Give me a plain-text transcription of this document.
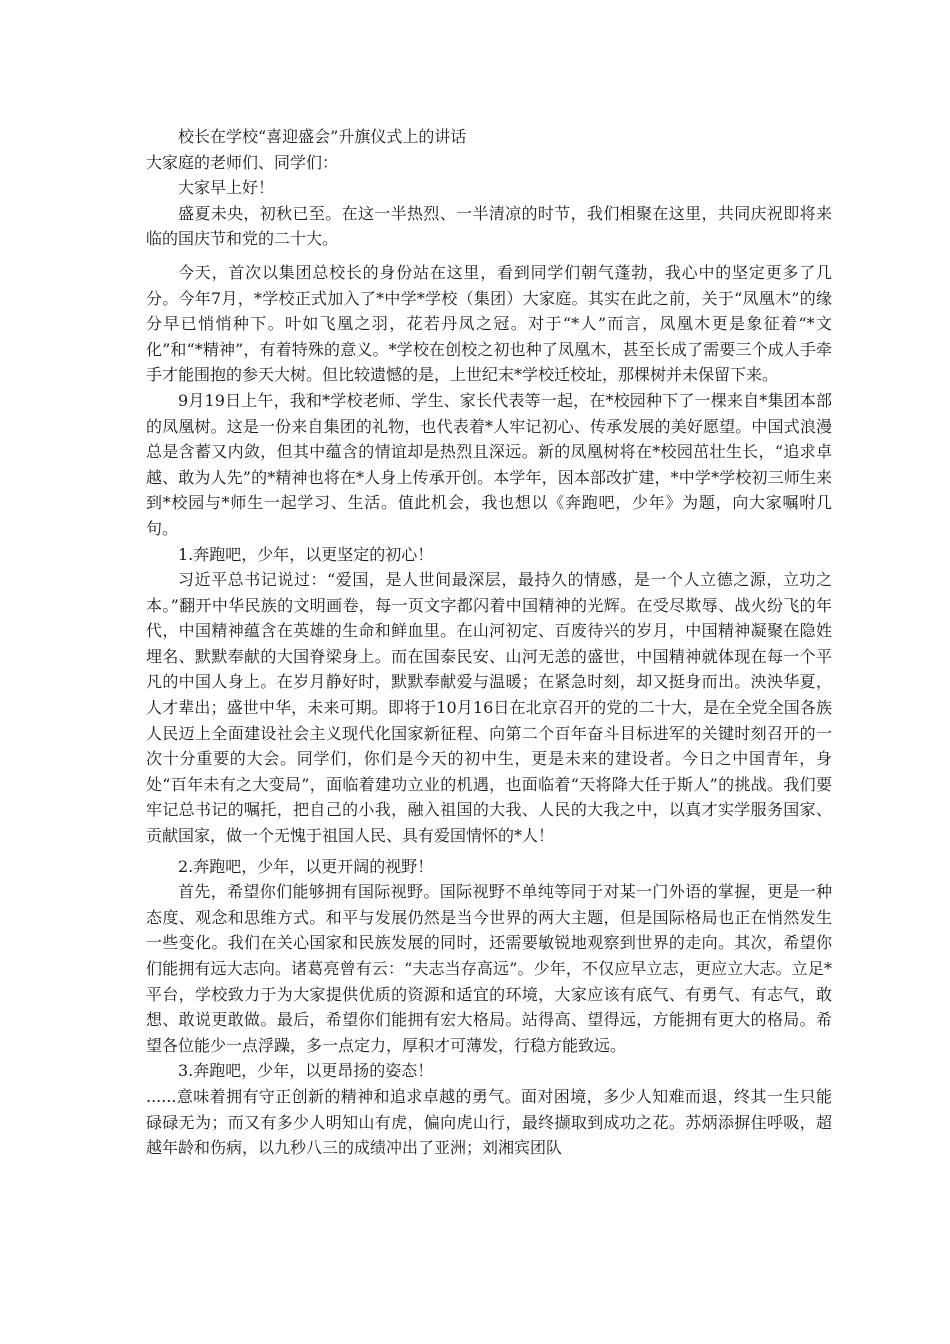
校长在学校“喜迎盛会”升旗仪式上的讲话

大家庭的老师们、同学们：

大家早上好！

盛夏未央，初秋已至。在这一半热烈、一半清凉的时节，我们相聚在这里，共同庆祝即将来临的国庆节和党的二十大。

今天，首次以集团总校长的身份站在这里，看到同学们朝气蓬勃，我心中的坚定更多了几分。今年7月，*学校正式加入了*中学*学校（集团）大家庭。其实在此之前，关于“凤凰木”的缘分早已悄悄种下。叶如飞凰之羽，花若丹凤之冠。对于“*人”而言，凤凰木更是象征着“*文化”和“*精神”，有着特殊的意义。*学校在创校之初也种了凤凰木，甚至长成了需要三个成人手牵手才能围抱的参天大树。但比较遗憾的是，上世纪末*学校迁校址，那棵树并未保留下来。

9月19日上午，我和*学校老师、学生、家长代表等一起，在*校园种下了一棵来自*集团本部的凤凰树。这是一份来自集团的礼物，也代表着*人牢记初心、传承发展的美好愿望。中国式浪漫总是含蓄又内敛，但其中蕴含的情谊却是热烈且深远。新的凤凰树将在*校园茁壮生长，“追求卓越、敢为人先”的*精神也将在*人身上传承开创。本学年，因本部改扩建，*中学*学校初三师生来到*校园与*师生一起学习、生活。值此机会，我也想以《奔跑吧，少年》为题，向大家嘱咐几句。

1.奔跑吧，少年，以更坚定的初心！

习近平总书记说过：“爱国，是人世间最深层，最持久的情感，是一个人立德之源，立功之本。”翻开中华民族的文明画卷，每一页文字都闪着中国精神的光辉。在受尽欺辱、战火纷飞的年代，中国精神蕴含在英雄的生命和鲜血里。在山河初定、百废待兴的岁月，中国精神凝聚在隐姓埋名、默默奉献的大国脊梁身上。而在国泰民安、山河无恙的盛世，中国精神就体现在每一个平凡的中国人身上。在岁月静好时，默默奉献爱与温暖；在紧急时刻，却又挺身而出。泱泱华夏，人才辈出；盛世中华，未来可期。即将于10月16日在北京召开的党的二十大，是在全党全国各族人民迈上全面建设社会主义现代化国家新征程、向第二个百年奋斗目标进军的关键时刻召开的一次十分重要的大会。同学们，你们是今天的初中生，更是未来的建设者。今日之中国青年，身处“百年未有之大变局”，面临着建功立业的机遇，也面临着“天将降大任于斯人”的挑战。我们要牢记总书记的嘱托，把自己的小我，融入祖国的大我、人民的大我之中，以真才实学服务国家、贡献国家，做一个无愧于祖国人民、具有爱国情怀的*人！

2.奔跑吧，少年，以更开阔的视野！

首先，希望你们能够拥有国际视野。国际视野不单纯等同于对某一门外语的掌握，更是一种态度、观念和思维方式。和平与发展仍然是当今世界的两大主题，但是国际格局也正在悄然发生一些变化。我们在关心国家和民族发展的同时，还需要敏锐地观察到世界的走向。其次，希望你们能拥有远大志向。诸葛亮曾有云：“夫志当存高远”。少年，不仅应早立志，更应立大志。立足*平台，学校致力于为大家提供优质的资源和适宜的环境，大家应该有底气、有勇气、有志气，敢想、敢说更敢做。最后，希望你们能拥有宏大格局。站得高、望得远，方能拥有更大的格局。希望各位能少一点浮躁，多一点定力，厚积才可薄发，行稳方能致远。

3.奔跑吧，少年，以更昂扬的姿态！

......意味着拥有守正创新的精神和追求卓越的勇气。面对困境，多少人知难而退，终其一生只能碌碌无为；而又有多少人明知山有虎，偏向虎山行，最终撷取到成功之花。苏炳添摒住呼吸，超越年龄和伤病，以九秒八三的成绩冲出了亚洲；刘湘宾团队
